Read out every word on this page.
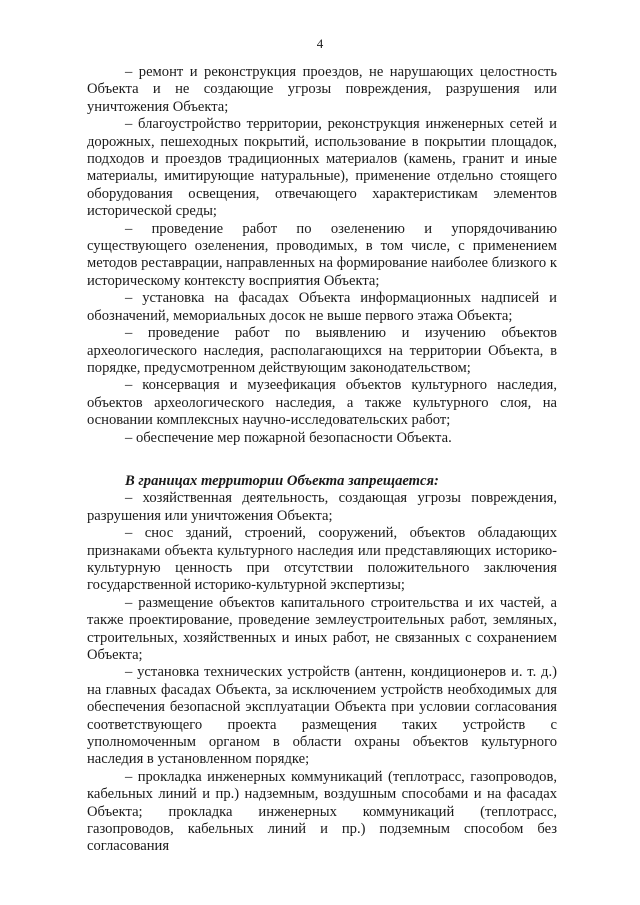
4

– ремонт и реконструкция проездов, не нарушающих целостность Объекта и не создающие угрозы повреждения, разрушения или уничтожения Объекта;

– благоустройство территории, реконструкция инженерных сетей и дорожных, пешеходных покрытий, использование в покрытии площадок, подходов и проездов традиционных материалов (камень, гранит и иные материалы, имитирующие натуральные), применение отдельно стоящего оборудования освещения, отвечающего характеристикам элементов исторической среды;

– проведение работ по озеленению и упорядочиванию существующего озеленения, проводимых, в том числе, с применением методов реставрации, направленных на формирование наиболее близкого к историческому контексту восприятия Объекта;

– установка на фасадах Объекта информационных надписей и обозначений, мемориальных досок не выше первого этажа Объекта;

– проведение работ по выявлению и изучению объектов археологического наследия, располагающихся на территории Объекта, в порядке, предусмотренном действующим законодательством;

– консервация и музеефикация объектов культурного наследия, объектов археологического наследия, а также культурного слоя, на основании комплексных научно-исследовательских работ;

– обеспечение мер пожарной безопасности Объекта.

В границах территории Объекта запрещается:

– хозяйственная деятельность, создающая угрозы повреждения, разрушения или уничтожения Объекта;

– снос зданий, строений, сооружений, объектов обладающих признаками объекта культурного наследия или представляющих историко-культурную ценность при отсутствии положительного заключения государственной историко-культурной экспертизы;

– размещение объектов капитального строительства и их частей, а также проектирование, проведение землеустроительных работ, земляных, строительных, хозяйственных и иных работ, не связанных с сохранением Объекта;

– установка технических устройств (антенн, кондиционеров и. т. д.) на главных фасадах Объекта, за исключением устройств необходимых для обеспечения безопасной эксплуатации Объекта при условии согласования соответствующего проекта размещения таких устройств с уполномоченным органом в области охраны объектов культурного наследия в установленном порядке;

– прокладка инженерных коммуникаций (теплотрасс, газопроводов, кабельных линий и пр.) надземным, воздушным способами и на фасадах Объекта; прокладка инженерных коммуникаций (теплотрасс, газопроводов, кабельных линий и пр.) подземным способом без согласования
